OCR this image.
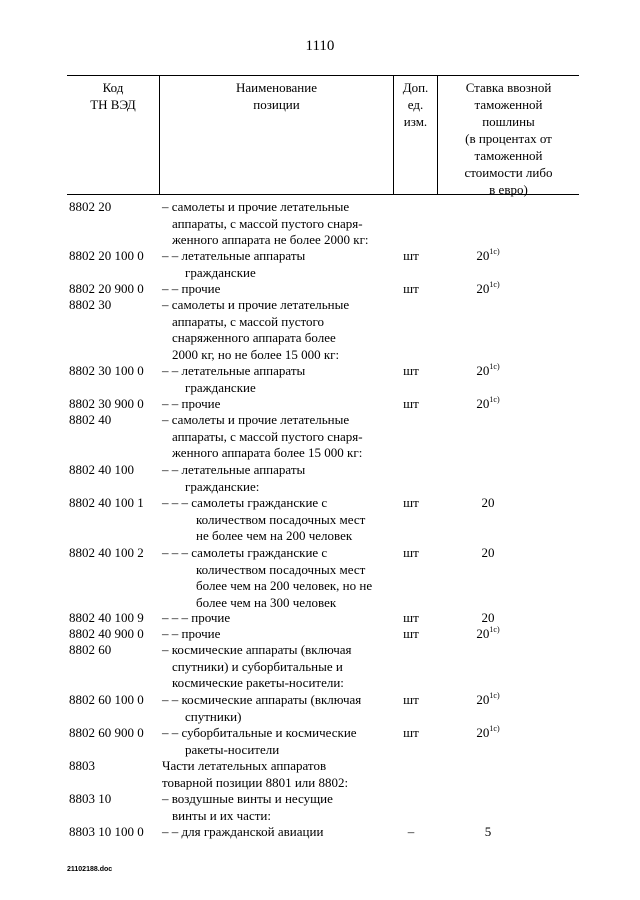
1110
Код
ТН ВЭД
Наименование
позиции
Доп.
ед.
изм.
Ставка ввозной
таможенной
пошлины
(в процентах от
таможенной
стоимости либо
в евро)
8802 20	– самолеты и прочие летательные
аппараты, с массой пустого снаря-
женного аппарата не более 2000 кг:
8802 20 100 0 – – летательные аппараты
гражданские
шт	$20^{1с)}$
8802 20 900 0 – – прочие	шт	$20^{1с)}$
8802 30	– самолеты и прочие летательные
аппараты, с массой пустого
снаряженного аппарата более
2000 кг, но не более 15 000 кг:
8802 30 100 0 – – летательные аппараты
гражданские
шт	$20^{1с)}$
8802 30 900 0 – – прочие	шт	$20^{1с)}$
8802 40	– самолеты и прочие летательные
аппараты, с массой пустого снаря-
женного аппарата более 15 000 кг:
8802 40 100 – – летательные аппараты
гражданские:
8802 40 100 1 – – – самолеты гражданские с
количеством посадочных мест
не более чем на 200 человек
шт	20
8802 40 100 2 – – – самолеты гражданские с
количеством посадочных мест
более чем на 200 человек, но не
более чем на 300 человек
шт	20
8802 40 100 9 – – – прочие	шт	20
8802 40 900 0 – – прочие	шт	$20^{1с)}$
8802 60	– космические аппараты (включая
спутники) и суборбитальные и
космические ракеты-носители:
8802 60 100 0 – – космические аппараты (включая
спутники)
шт	$20^{1с)}$
8802 60 900 0 – – суборбитальные и космические
ракеты-носители
шт	$20^{1с)}$
8803	Части летательных аппаратов
товарной позиции 8801 или 8802:
8803 10	– воздушные винты и несущие
винты и их части:
8803 10 100 0 – – для гражданской авиации	–	5
21102188.doc
